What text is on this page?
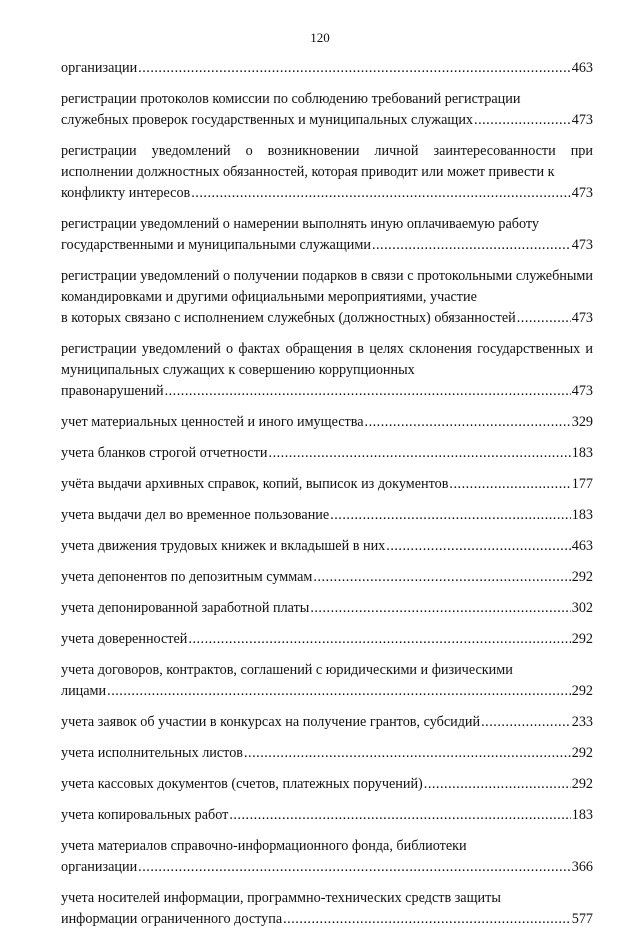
120
организации .....	463
регистрации протоколов комиссии по соблюдению требований регистрации
служебных проверок государственных и муниципальных служащих .....	473
регистрации уведомлений о возникновении личной заинтересованности при исполнении должностных обязанностей, которая приводит или может привести к
конфликту интересов .....	473
регистрации уведомлений о намерении выполнять иную оплачиваемую работу
государственными и муниципальными служащими .....	473
регистрации уведомлений о получении подарков в связи с протокольными служебными командировками и другими официальными мероприятиями, участие
в которых связано с исполнением служебных (должностных) обязанностей .....	473
регистрации уведомлений о фактах обращения в целях склонения государственных и муниципальных служащих к совершению коррупционных
правонарушений .....	473
учет материальных ценностей и иного имущества .....	329
учета бланков строгой отчетности .....	183
учёта выдачи архивных справок, копий, выписок из документов .....	177
учета выдачи дел во временное пользование .....	183
учета движения трудовых книжек и вкладышей в них .....	463
учета депонентов по депозитным суммам .....	292
учета депонированной заработной платы .....	302
учета доверенностей .....	292
учета договоров, контрактов, соглашений с юридическими и физическими
лицами .....	292
учета заявок об участии в конкурсах на получение грантов, субсидий .....	233
учета исполнительных листов .....	292
учета кассовых документов (счетов, платежных поручений) .....	292
учета копировальных работ .....	183
учета материалов справочно-информационного фонда, библиотеки
организации .....	366
учета носителей информации, программно-технических средств защиты
информации ограниченного доступа .....	577
